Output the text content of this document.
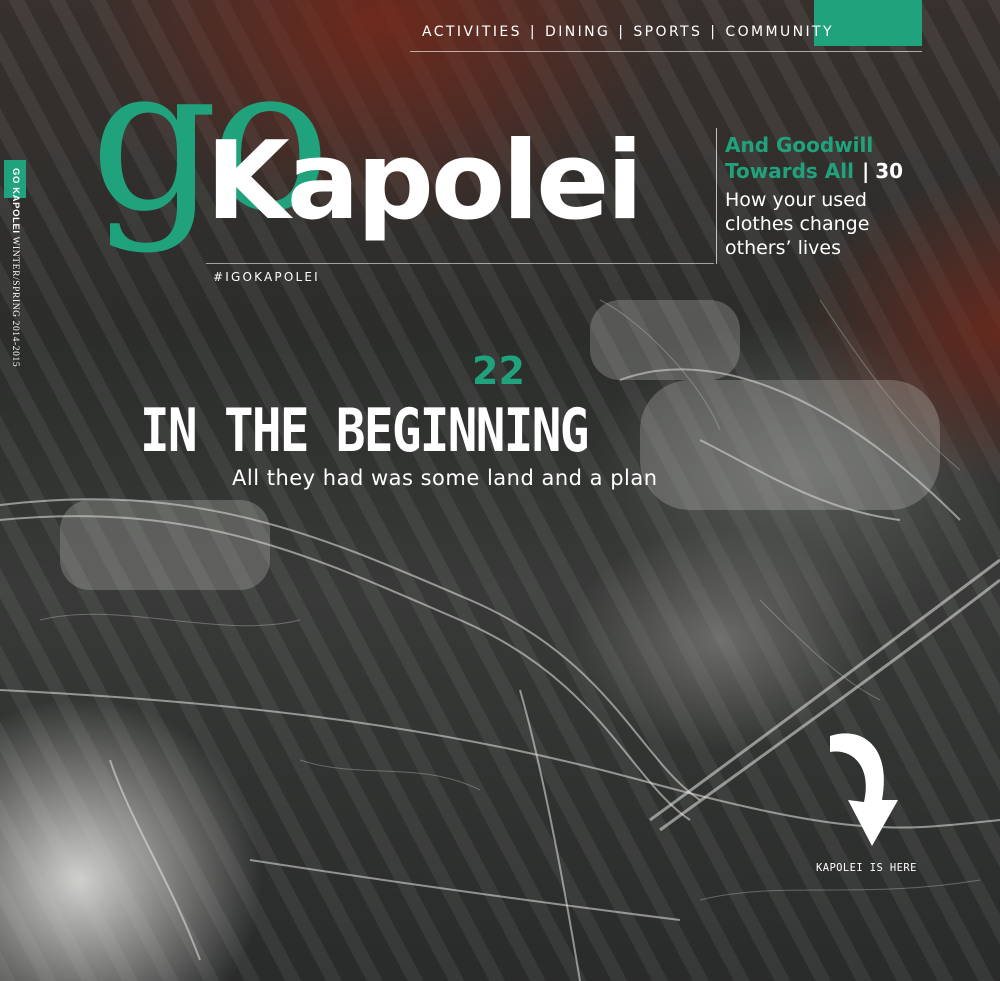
ACTIVITIES | DINING | SPORTS | COMMUNITY
GO KAPOLEI WINTER/SPRING 2014-2015
go
Kapolei
#IGOKAPOLEI
And Goodwill
Towards All | 30
How your used clothes change others’ lives
22
IN THE BEGINNING
All they had was some land and a plan
KAPOLEI IS HERE
